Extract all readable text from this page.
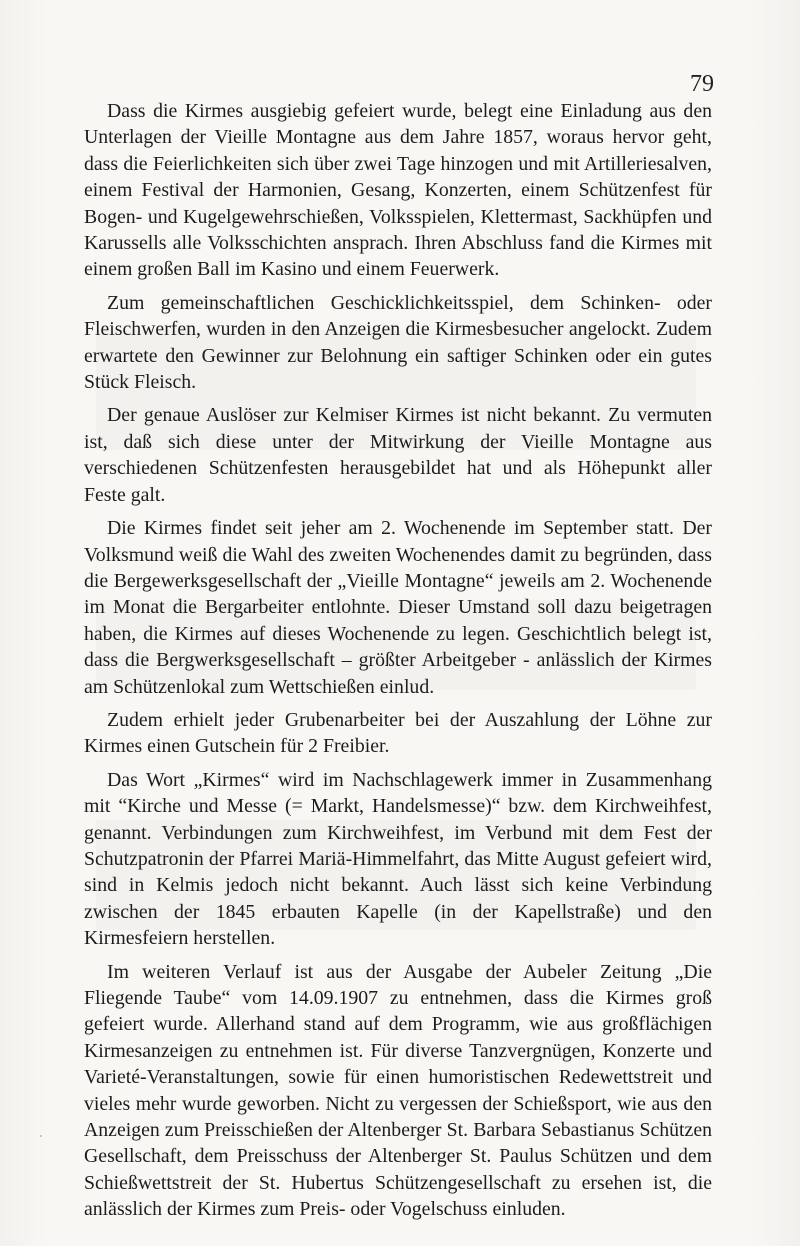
79

Dass die Kirmes ausgiebig gefeiert wurde, belegt eine Einladung aus den Unterlagen der Vieille Montagne aus dem Jahre 1857, woraus hervor geht, dass die Feierlichkeiten sich über zwei Tage hinzogen und mit Artilleriesalven, einem Festival der Harmonien, Gesang, Konzerten, einem Schützenfest für Bogen- und Kugelgewehrschießen, Volksspielen, Klettermast, Sackhüpfen und Karussells alle Volksschichten ansprach. Ihren Abschluss fand die Kirmes mit einem großen Ball im Kasino und einem Feuerwerk.

Zum gemeinschaftlichen Geschicklichkeitsspiel, dem Schinken- oder Fleischwerfen, wurden in den Anzeigen die Kirmesbesucher angelockt. Zudem erwartete den Gewinner zur Belohnung ein saftiger Schinken oder ein gutes Stück Fleisch.

Der genaue Auslöser zur Kelmiser Kirmes ist nicht bekannt. Zu vermuten ist, daß sich diese unter der Mitwirkung der Vieille Montagne aus verschiedenen Schützenfesten herausgebildet hat und als Höhepunkt aller Feste galt.

Die Kirmes findet seit jeher am 2. Wochenende im September statt. Der Volksmund weiß die Wahl des zweiten Wochenendes damit zu begründen, dass die Bergewerksgesellschaft der „Vieille Montagne“ jeweils am 2. Wochenende im Monat die Bergarbeiter entlohnte. Dieser Umstand soll dazu beigetragen haben, die Kirmes auf dieses Wochenende zu legen. Geschichtlich belegt ist, dass die Bergwerksgesellschaft – größter Arbeitgeber - anlässlich der Kirmes am Schützenlokal zum Wettschießen einlud.

Zudem erhielt jeder Grubenarbeiter bei der Auszahlung der Löhne zur Kirmes einen Gutschein für 2 Freibier.

Das Wort „Kirmes“ wird im Nachschlagewerk immer in Zusammenhang mit “Kirche und Messe (= Markt, Handelsmesse)“ bzw. dem Kirchweihfest, genannt. Verbindungen zum Kirchweihfest, im Verbund mit dem Fest der Schutzpatronin der Pfarrei Mariä-Himmelfahrt, das Mitte August gefeiert wird, sind in Kelmis jedoch nicht bekannt. Auch lässt sich keine Verbindung zwischen der 1845 erbauten Kapelle (in der Kapellstraße) und den Kirmesfeiern herstellen.

Im weiteren Verlauf ist aus der Ausgabe der Aubeler Zeitung „Die Fliegende Taube“ vom 14.09.1907 zu entnehmen, dass die Kirmes groß gefeiert wurde. Allerhand stand auf dem Programm, wie aus großflächigen Kirmesanzeigen zu entnehmen ist. Für diverse Tanzvergnügen, Konzerte und Varieté-Veranstaltungen, sowie für einen humoristischen Redewettstreit und vieles mehr wurde geworben. Nicht zu vergessen der Schießsport, wie aus den Anzeigen zum Preisschießen der Altenberger St. Barbara Sebastianus Schützen Gesellschaft, dem Preisschuss der Altenberger St. Paulus Schützen und dem Schießwettstreit der St. Hubertus Schützengesellschaft zu ersehen ist, die anlässlich der Kirmes zum Preis- oder Vogelschuss einluden.
